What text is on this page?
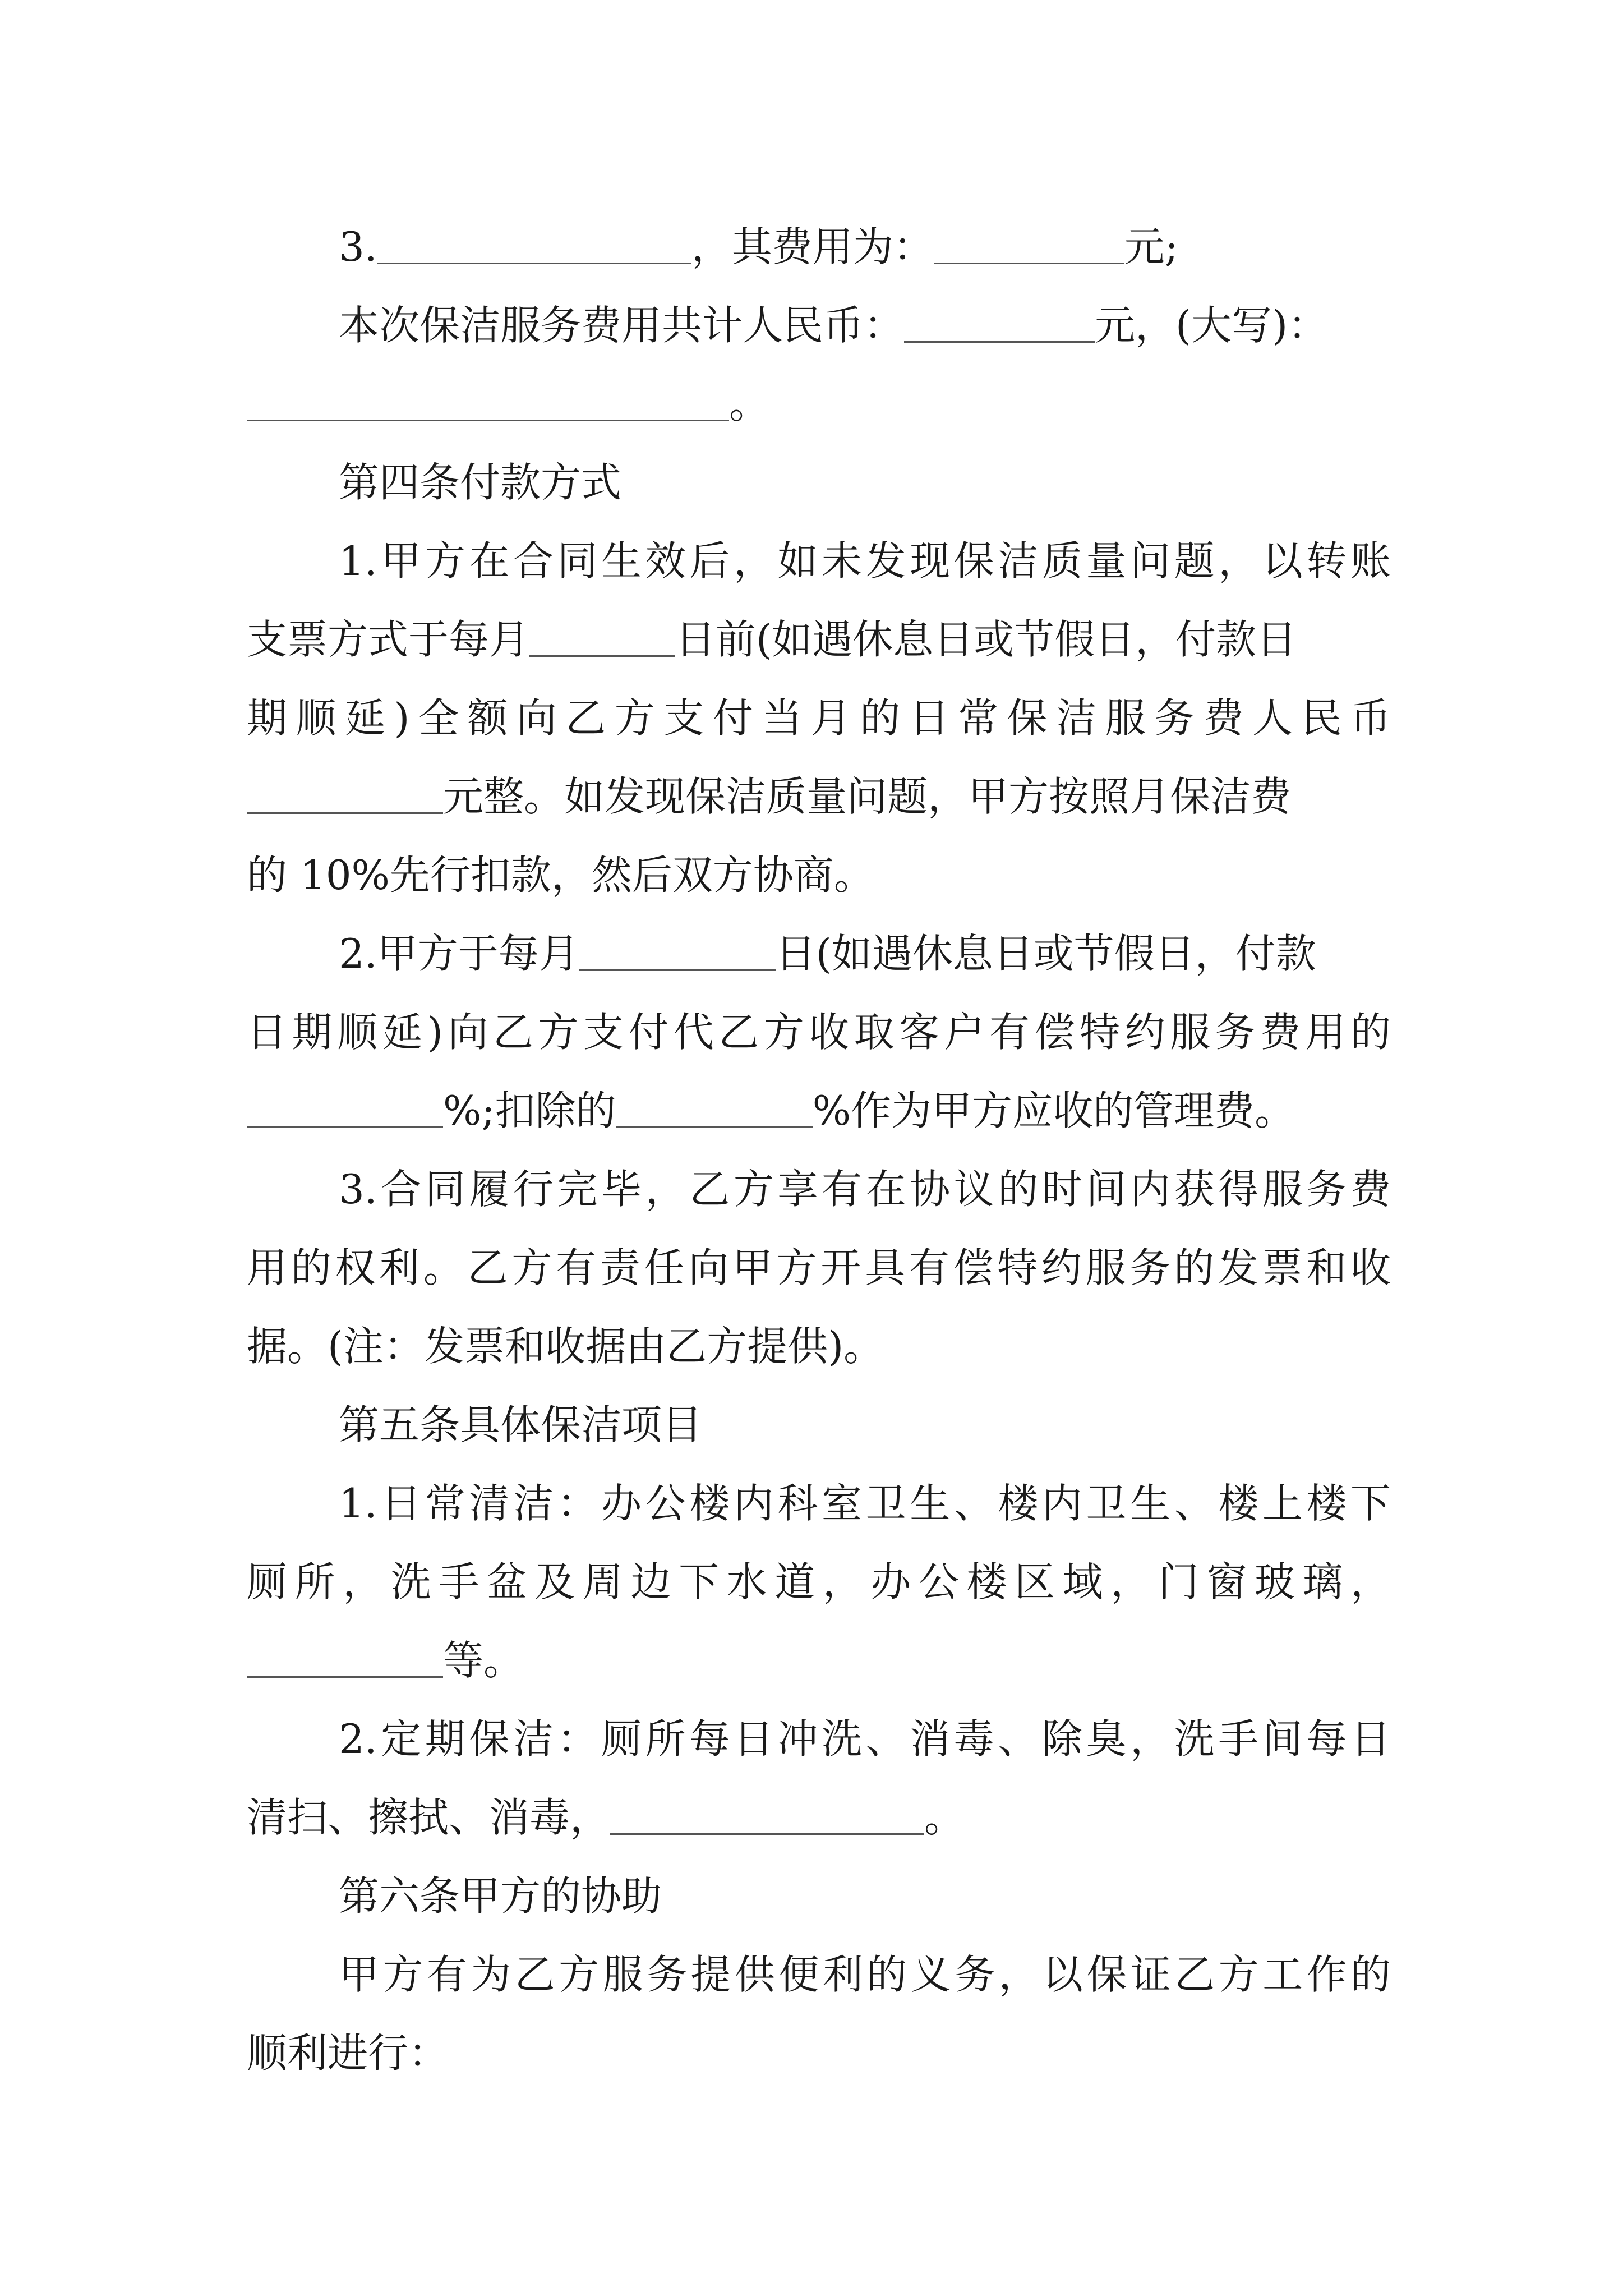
3.	，其费用为：	元;
本次保洁服务费用共计人民币：	元，(大写)：
。
第四条付款方式
1.甲方在合同生效后，如未发现保洁质量问题，以转账
支票方式于每月	日前(如遇休息日或节假日，付款日
期顺延)全额向乙方支付当月的日常保洁服务费人民币
元整。如发现保洁质量问题，甲方按照月保洁费
的 10%先行扣款，然后双方协商。
2.甲方于每月	日(如遇休息日或节假日，付款
日期顺延)向乙方支付代乙方收取客户有偿特约服务费用的
%;扣除的	%作为甲方应收的管理费。
3.合同履行完毕，乙方享有在协议的时间内获得服务费
用的权利。乙方有责任向甲方开具有偿特约服务的发票和收
据。(注：发票和收据由乙方提供)。
第五条具体保洁项目
1.日常清洁：办公楼内科室卫生、楼内卫生、楼上楼下
厕所，洗手盆及周边下水道，办公楼区域，门窗玻璃，
等。
2.定期保洁：厕所每日冲洗、消毒、除臭，洗手间每日
清扫、擦拭、消毒，	。
第六条甲方的协助
甲方有为乙方服务提供便利的义务，以保证乙方工作的
顺利进行：
